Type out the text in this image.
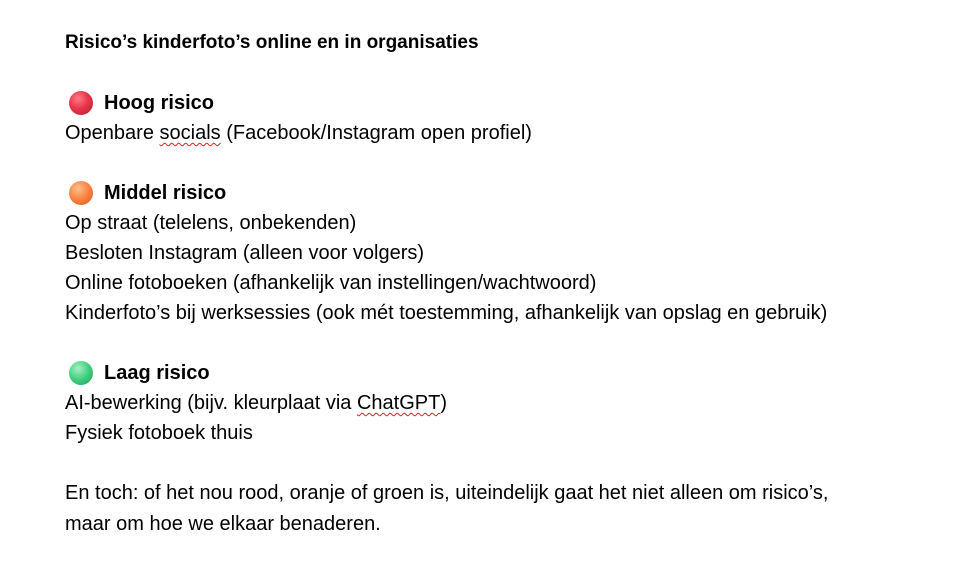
Risico’s kinderfoto’s online en in organisaties

Hoog risico
Openbare socials (Facebook/Instagram open profiel)
Middel risico
Op straat (telelens, onbekenden)
Besloten Instagram (alleen voor volgers)
Online fotoboeken (afhankelijk van instellingen/wachtwoord)
Kinderfoto’s bij werksessies (ook mét toestemming, afhankelijk van opslag en gebruik)
Laag risico
AI-bewerking (bijv. kleurplaat via ChatGPT)
Fysiek fotoboek thuis
En toch: of het nou rood, oranje of groen is, uiteindelijk gaat het niet alleen om risico’s,
maar om hoe we elkaar benaderen.
